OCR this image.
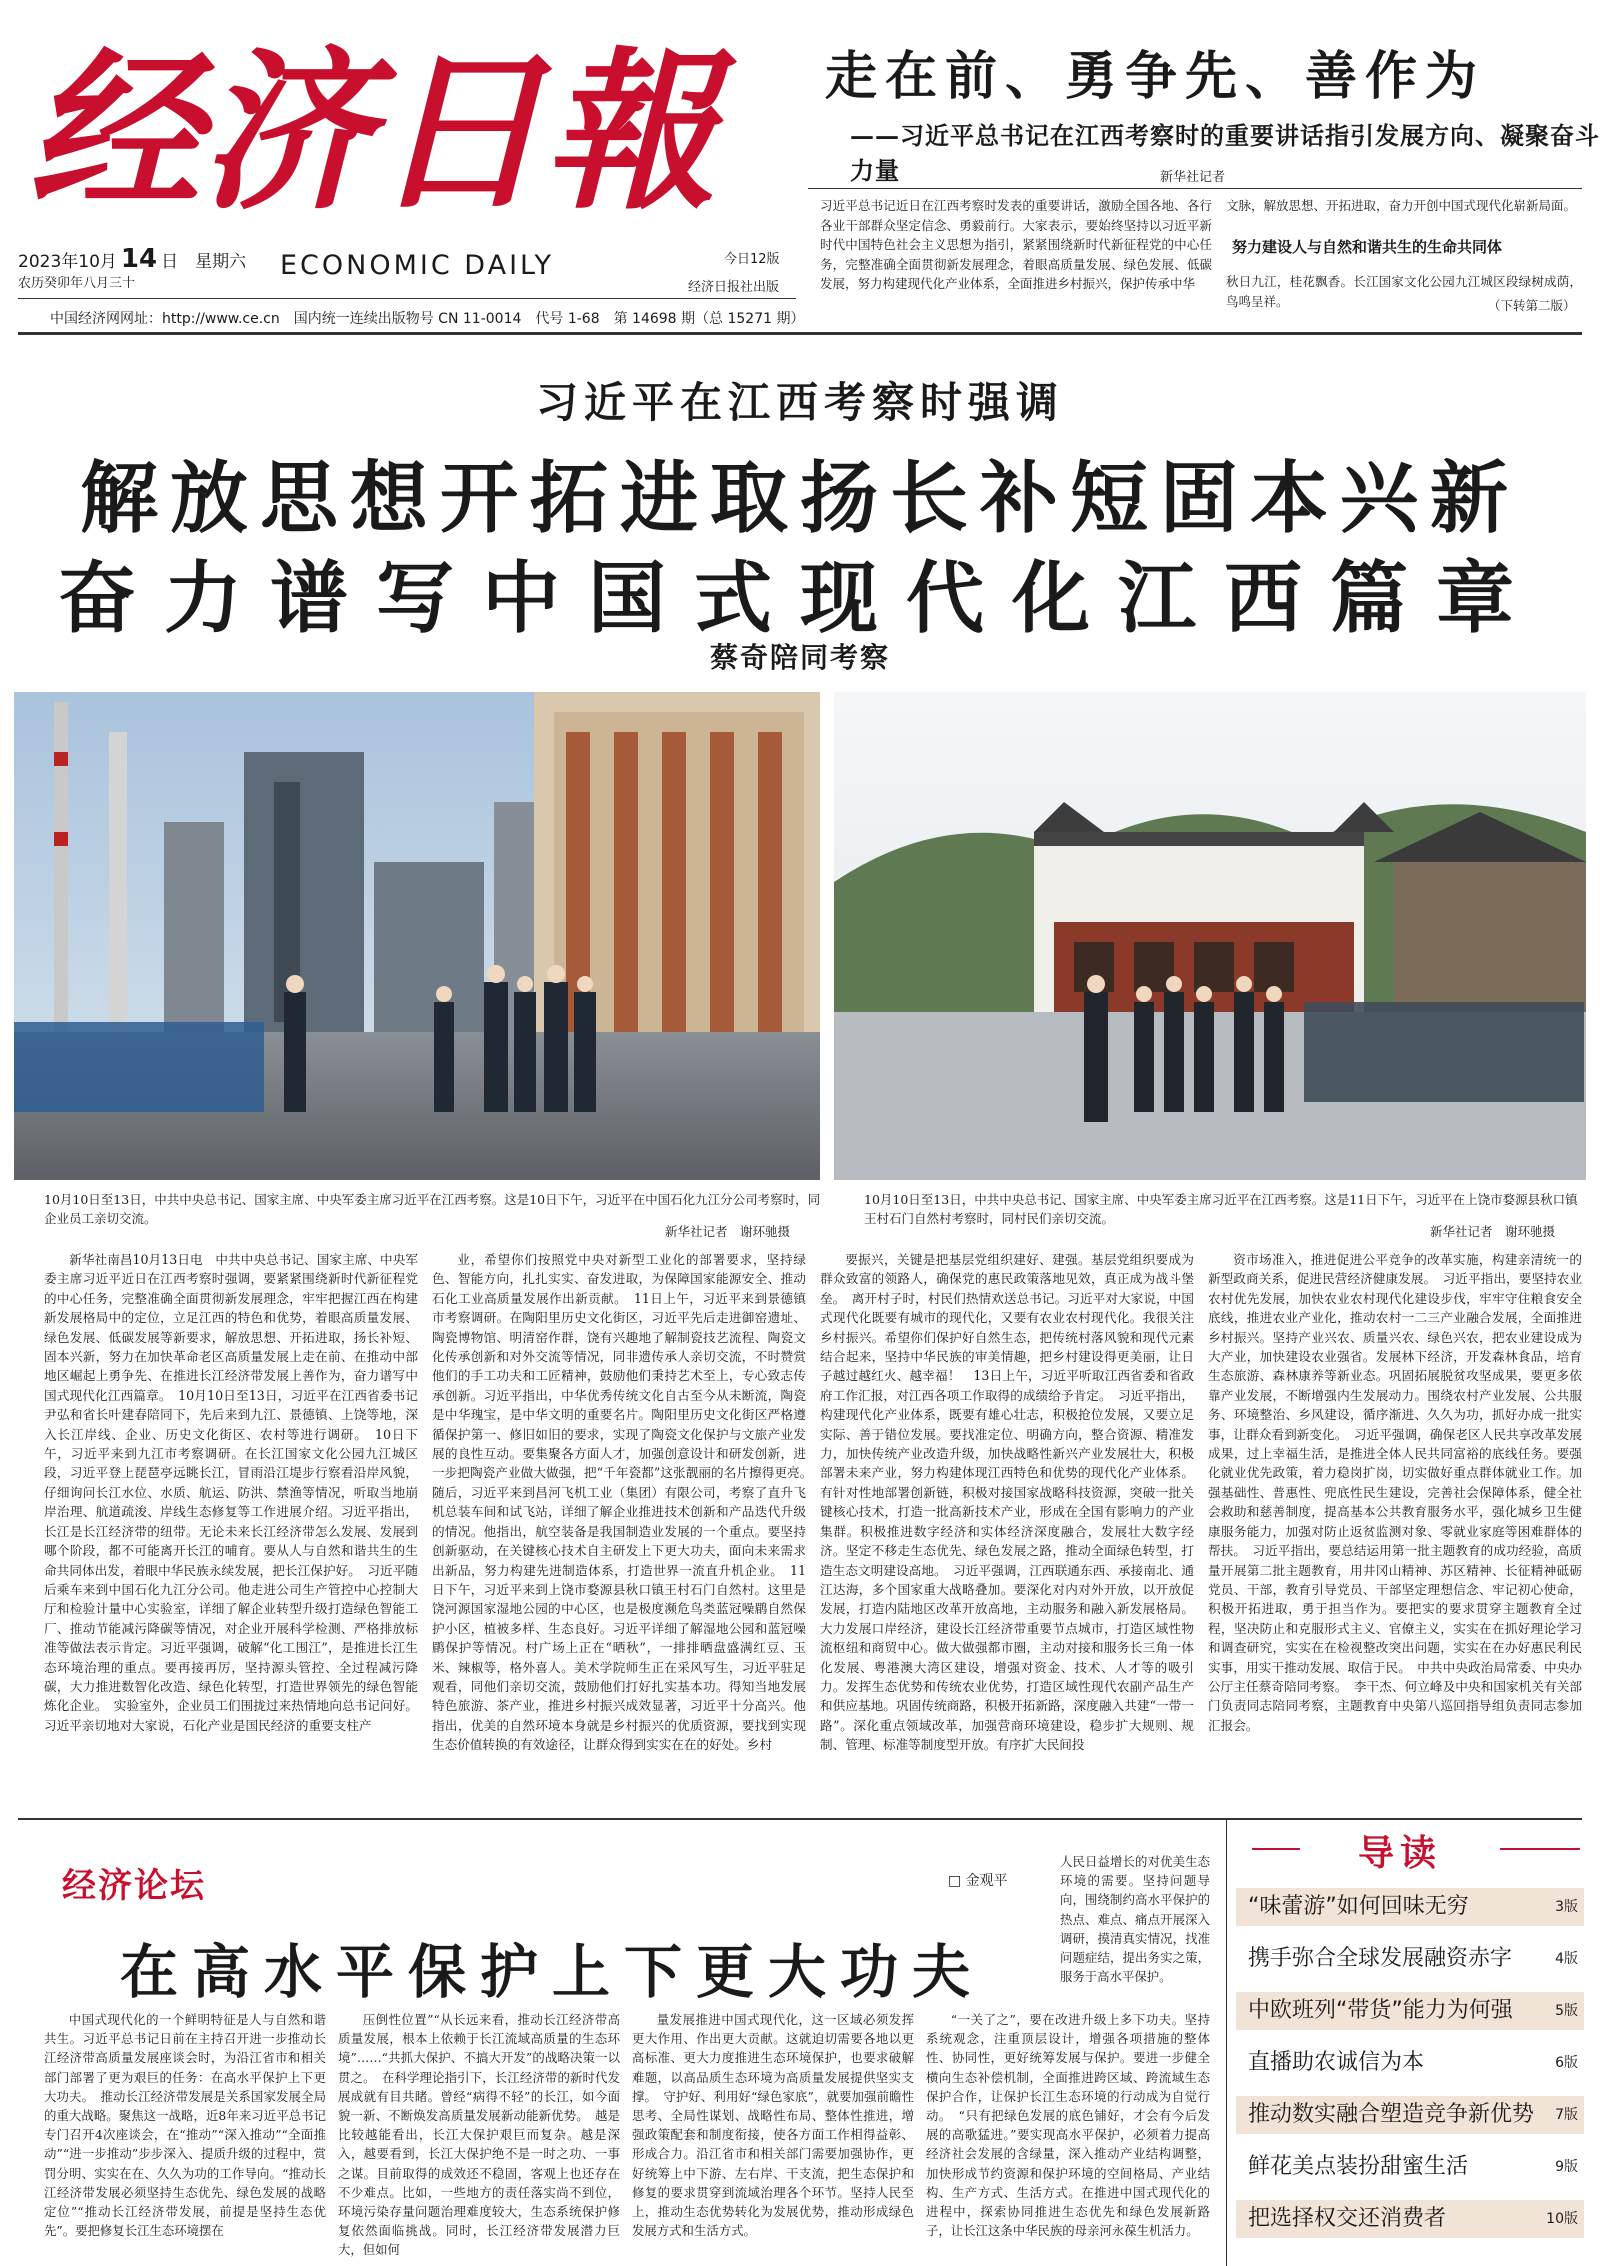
经济日報
2023年10月 14 日　 星期六
农历癸卯年八月三十
ECONOMIC DAILY	今日12版
经济日报社出版
中国经济网网址：http://www.ce.cn　国内统一连续出版物号 CN 11-0014　代号 1-68　第 14698 期（总 15271 期）
走在前、勇争先、善作为
——习近平总书记在江西考察时的重要讲话指引发展方向、凝聚奋斗力量	新华社记者
习近平总书记近日在江西考察时发表的重要讲话，激励全国各地、各行各业干部群众坚定信念、勇毅前行。大家表示，要始终坚持以习近平新时代中国特色社会主义思想为指引，紧紧围绕新时代新征程党的中心任务，完整准确全面贯彻新发展理念，着眼高质量发展、绿色发展、低碳发展，努力构建现代化产业体系，全面推进乡村振兴，保护传承中华
文脉，解放思想、开拓进取，奋力开创中国式现代化崭新局面。
努力建设人与自然和谐共生的生命共同体
秋日九江，桂花飘香。长江国家文化公园九江城区段绿树成荫，鸟鸣呈祥。	（下转第二版）
习近平在江西考察时强调
解放思想开拓进取扬长补短固本兴新
奋力谱写中国式现代化江西篇章
蔡奇陪同考察
10月10日至13日，中共中央总书记、国家主席、中央军委主席习近平在江西考察。这是10日下午，习近平在中国石化九江分公司考察时，同企业员工亲切交流。
新华社记者　谢环驰摄
10月10日至13日，中共中央总书记、国家主席、中央军委主席习近平在江西考察。这是11日下午，习近平在上饶市婺源县秋口镇王村石门自然村考察时，同村民们亲切交流。
新华社记者　谢环驰摄

新华社南昌10月13日电　中共中央总书记、国家主席、中央军委主席习近平近日在江西考察时强调，要紧紧围绕新时代新征程党的中心任务，完整准确全面贯彻新发展理念，牢牢把握江西在构建新发展格局中的定位，立足江西的特色和优势，着眼高质量发展、绿色发展、低碳发展等新要求，解放思想、开拓进取，扬长补短、固本兴新，努力在加快革命老区高质量发展上走在前、在推动中部地区崛起上勇争先、在推进长江经济带发展上善作为，奋力谱写中国式现代化江西篇章。　10月10日至13日，习近平在江西省委书记尹弘和省长叶建春陪同下，先后来到九江、景德镇、上饶等地，深入长江岸线、企业、历史文化街区、农村等进行调研。　10日下午，习近平来到九江市考察调研。在长江国家文化公园九江城区段，习近平登上琵琶亭远眺长江，冒雨沿江堤步行察看沿岸风貌，仔细询问长江水位、水质、航运、防洪、禁渔等情况，听取当地崩岸治理、航道疏浚、岸线生态修复等工作进展介绍。习近平指出，长江是长江经济带的纽带。无论未来长江经济带怎么发展、发展到哪个阶段，都不可能离开长江的哺育。要从人与自然和谐共生的生命共同体出发，着眼中华民族永续发展，把长江保护好。　习近平随后乘车来到中国石化九江分公司。他走进公司生产管控中心控制大厅和检验计量中心实验室，详细了解企业转型升级打造绿色智能工厂、推动节能减污降碳等情况，对企业开展科学检测、严格排放标准等做法表示肯定。习近平强调，破解“化工围江”，是推进长江生态环境治理的重点。要再接再厉，坚持源头管控、全过程减污降碳，大力推进数智化改造、绿色化转型，打造世界领先的绿色智能炼化企业。　实验室外，企业员工们围拢过来热情地向总书记问好。习近平亲切地对大家说，石化产业是国民经济的重要支柱产

业，希望你们按照党中央对新型工业化的部署要求，坚持绿色、智能方向，扎扎实实、奋发进取，为保障国家能源安全、推动石化工业高质量发展作出新贡献。　11日上午，习近平来到景德镇市考察调研。在陶阳里历史文化街区，习近平先后走进御窑遗址、陶瓷博物馆、明清窑作群，饶有兴趣地了解制瓷技艺流程、陶瓷文化传承创新和对外交流等情况，同非遗传承人亲切交流，不时赞赏他们的手工功夫和工匠精神，鼓励他们秉持艺术至上，专心致志传承创新。习近平指出，中华优秀传统文化自古至今从未断流，陶瓷是中华瑰宝，是中华文明的重要名片。陶阳里历史文化街区严格遵循保护第一、修旧如旧的要求，实现了陶瓷文化保护与文旅产业发展的良性互动。要集聚各方面人才，加强创意设计和研发创新，进一步把陶瓷产业做大做强，把“千年瓷都”这张靓丽的名片擦得更亮。　随后，习近平来到昌河飞机工业（集团）有限公司，考察了直升飞机总装车间和试飞站，详细了解企业推进技术创新和产品迭代升级的情况。他指出，航空装备是我国制造业发展的一个重点。要坚持创新驱动，在关键核心技术自主研发上下更大功夫，面向未来需求出新品，努力构建先进制造体系，打造世界一流直升机企业。　11日下午，习近平来到上饶市婺源县秋口镇王村石门自然村。这里是饶河源国家湿地公园的中心区，也是极度濒危鸟类蓝冠噪鹛自然保护小区，植被多样、生态良好。习近平详细了解湿地公园和蓝冠噪鹛保护等情况。村广场上正在“晒秋”，一排排晒盘盛满红豆、玉米、辣椒等，格外喜人。美术学院师生正在采风写生，习近平驻足观看，同他们亲切交流，鼓励他们打好扎实基本功。得知当地发展特色旅游、茶产业，推进乡村振兴成效显著，习近平十分高兴。他指出，优美的自然环境本身就是乡村振兴的优质资源，要找到实现生态价值转换的有效途径，让群众得到实实在在的好处。乡村

要振兴，关键是把基层党组织建好、建强。基层党组织要成为群众致富的领路人，确保党的惠民政策落地见效，真正成为战斗堡垒。　离开村子时，村民们热情欢送总书记。习近平对大家说，中国式现代化既要有城市的现代化，又要有农业农村现代化。我很关注乡村振兴。希望你们保护好自然生态，把传统村落风貌和现代元素结合起来，坚持中华民族的审美情趣，把乡村建设得更美丽，让日子越过越红火、越幸福！　13日上午，习近平听取江西省委和省政府工作汇报，对江西各项工作取得的成绩给予肯定。　习近平指出，构建现代化产业体系，既要有雄心壮志，积极抢位发展，又要立足实际、善于错位发展。要找准定位、明确方向，整合资源、精准发力，加快传统产业改造升级，加快战略性新兴产业发展壮大，积极部署未来产业，努力构建体现江西特色和优势的现代化产业体系。有针对性地部署创新链，积极对接国家战略科技资源，突破一批关键核心技术，打造一批高新技术产业，形成在全国有影响力的产业集群。积极推进数字经济和实体经济深度融合，发展壮大数字经济。坚定不移走生态优先、绿色发展之路，推动全面绿色转型，打造生态文明建设高地。　习近平强调，江西联通东西、承接南北、通江达海，多个国家重大战略叠加。要深化对内对外开放，以开放促发展，打造内陆地区改革开放高地，主动服务和融入新发展格局。大力发展口岸经济，建设长江经济带重要节点城市，打造区域性物流枢纽和商贸中心。做大做强都市圈，主动对接和服务长三角一体化发展、粤港澳大湾区建设，增强对资金、技术、人才等的吸引力。发挥生态优势和传统农业优势，打造区域性现代农副产品生产和供应基地。巩固传统商路，积极开拓新路，深度融入共建“一带一路”。深化重点领域改革，加强营商环境建设，稳步扩大规则、规制、管理、标准等制度型开放。有序扩大民间投

资市场准入，推进促进公平竞争的改革实施，构建亲清统一的新型政商关系，促进民营经济健康发展。　习近平指出，要坚持农业农村优先发展，加快农业农村现代化建设步伐，牢牢守住粮食安全底线，推进农业产业化，推动农村一二三产业融合发展，全面推进乡村振兴。坚持产业兴农、质量兴农、绿色兴农，把农业建设成为大产业，加快建设农业强省。发展林下经济，开发森林食品，培育生态旅游、森林康养等新业态。巩固拓展脱贫攻坚成果，要更多依靠产业发展，不断增强内生发展动力。围绕农村产业发展、公共服务、环境整治、乡风建设，循序渐进、久久为功，抓好办成一批实事，让群众看到新变化。　习近平强调，确保老区人民共享改革发展成果，过上幸福生活，是推进全体人民共同富裕的底线任务。要强化就业优先政策，着力稳岗扩岗，切实做好重点群体就业工作。加强基础性、普惠性、兜底性民生建设，完善社会保障体系，健全社会救助和慈善制度，提高基本公共教育服务水平，强化城乡卫生健康服务能力，加强对防止返贫监测对象、零就业家庭等困难群体的帮扶。　习近平指出，要总结运用第一批主题教育的成功经验，高质量开展第二批主题教育，用井冈山精神、苏区精神、长征精神砥砺党员、干部，教育引导党员、干部坚定理想信念、牢记初心使命，积极开拓进取，勇于担当作为。要把实的要求贯穿主题教育全过程，坚决防止和克服形式主义、官僚主义，实实在在抓好理论学习和调查研究，实实在在检视整改突出问题，实实在在办好惠民利民实事，用实干推动发展、取信于民。　中共中央政治局常委、中央办公厅主任蔡奇陪同考察。　李干杰、何立峰及中央和国家机关有关部门负责同志陪同考察，主题教育中央第八巡回指导组负责同志参加汇报会。

经济论坛	□ 金观平
在高水平保护上下更大功夫
人民日益增长的对优美生态环境的需要。坚持问题导向，围绕制约高水平保护的热点、难点、痛点开展深入调研，摸清真实情况，找准问题症结，提出务实之策，服务于高水平保护。

中国式现代化的一个鲜明特征是人与自然和谐共生。习近平总书记日前在主持召开进一步推动长江经济带高质量发展座谈会时，为沿江省市和相关部门部署了更为艰巨的任务：在高水平保护上下更大功夫。　推动长江经济带发展是关系国家发展全局的重大战略。聚焦这一战略，近8年来习近平总书记专门召开4次座谈会，在“推动”“深入推动”“全面推动”“进一步推动”步步深入、提质升级的过程中，赏罚分明、实实在在、久久为功的工作导向。“推动长江经济带发展必须坚持生态优先、绿色发展的战略定位”“推动长江经济带发展，前提是坚持生态优先”。要把修复长江生态环境摆在

压倒性位置”“从长远来看，推动长江经济带高质量发展，根本上依赖于长江流域高质量的生态环境”……“共抓大保护、不搞大开发”的战略决策一以贯之。　在科学理论指引下，长江经济带的新时代发展成就有目共睹。曾经“病得不轻”的长江，如今面貌一新、不断焕发高质量发展新动能新优势。　越是比较越能看出，长江大保护艰巨而复杂。越是深入，越要看到，长江大保护绝不是一时之功、一事之谋。目前取得的成效还不稳固，客观上也还存在不少难点。比如，一些地方的责任落实尚不到位，环境污染存量问题治理难度较大，生态系统保护修复依然面临挑战。同时，长江经济带发展潜力巨大，但如何

量发展推进中国式现代化，这一区域必须发挥更大作用、作出更大贡献。这就迫切需要各地以更高标准、更大力度推进生态环境保护，也要求破解难题，以高品质生态环境为高质量发展提供坚实支撑。　守护好、利用好“绿色家底”，就要加强前瞻性思考、全局性谋划、战略性布局、整体性推进，增强政策配套和制度衔接，使各方面工作相得益彰、形成合力。沿江省市和相关部门需要加强协作，更好统筹上中下游、左右岸、干支流，把生态保护和修复的要求贯穿到流域治理各个环节。坚持人民至上，推动生态优势转化为发展优势，推动形成绿色发展方式和生活方式。

“一关了之”，要在改进升级上多下功夫。坚持系统观念，注重顶层设计，增强各项措施的整体性、协同性，更好统筹发展与保护。要进一步健全横向生态补偿机制，全面推进跨区域、跨流域生态保护合作，让保护长江生态环境的行动成为自觉行动。　“只有把绿色发展的底色铺好，才会有今后发展的高歌猛进。”要实现高水平保护，必须着力提高经济社会发展的含绿量，深入推动产业结构调整，加快形成节约资源和保护环境的空间格局、产业结构、生产方式、生活方式。在推进中国式现代化的进程中，探索协同推进生态优先和绿色发展新路子，让长江这条中华民族的母亲河永葆生机活力。

导读
“味蕾游”如何回味无穷	3版
携手弥合全球发展融资赤字	4版
中欧班列“带货”能力为何强	5版
直播助农诚信为本	6版
推动数实融合塑造竞争新优势 7版
鲜花美点装扮甜蜜生活	9版
把选择权交还消费者	10版
